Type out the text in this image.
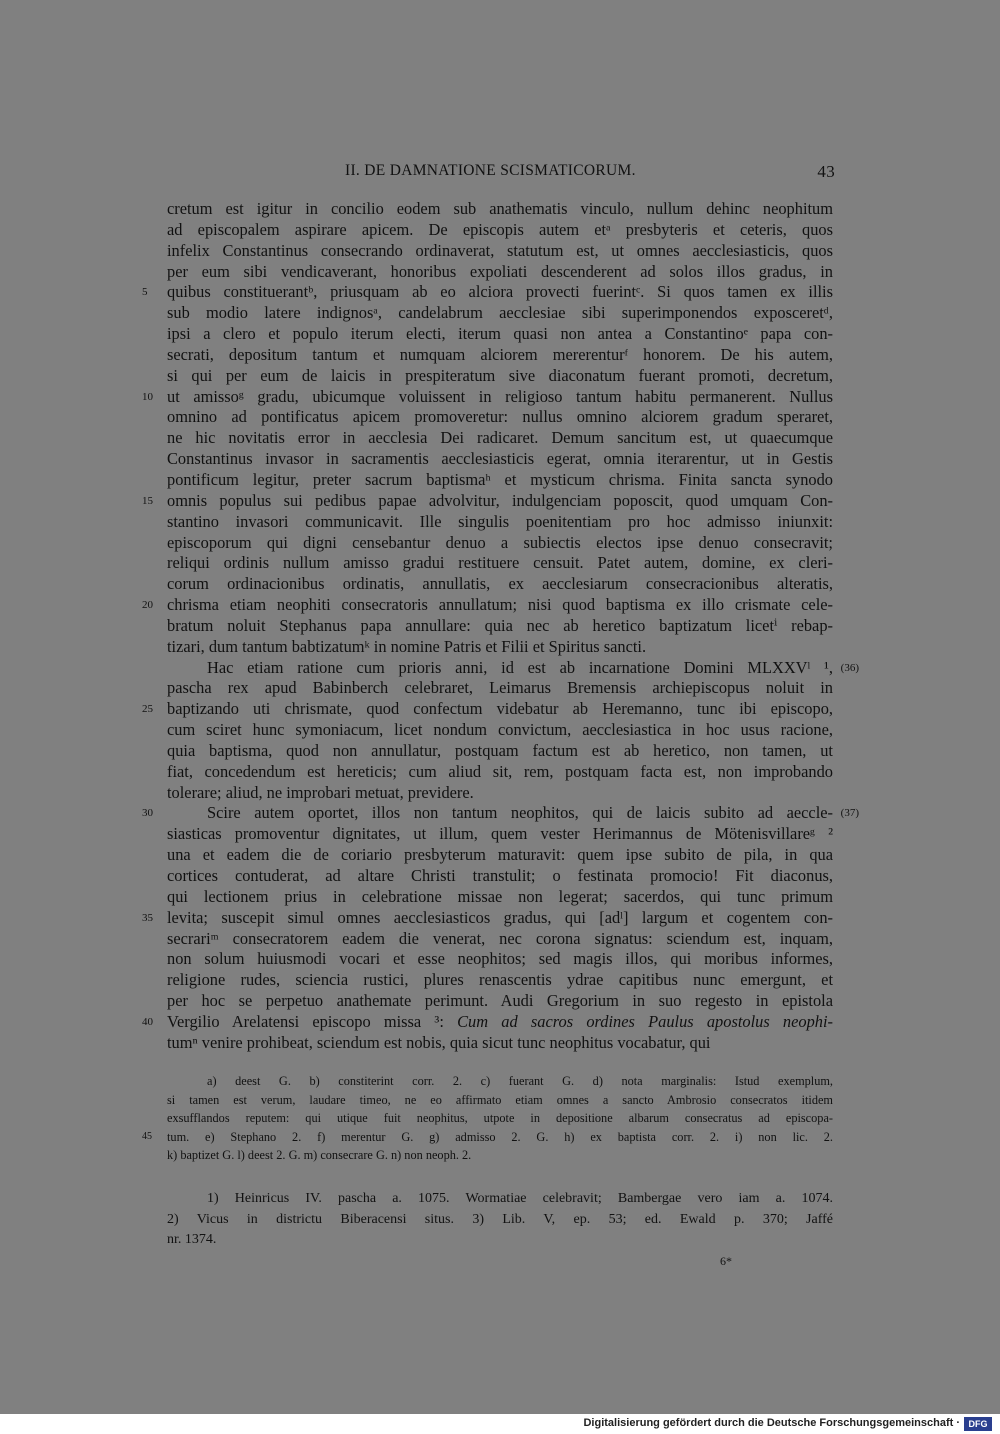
II. DE DAMNATIONE SCISMATICORUM.	43
cretum est igitur in concilio eodem sub anathematis vinculo, nullum dehinc neophitum
ad episcopalem aspirare apicem. De episcopis autem etᵃ presbyteris et ceteris, quos
infelix Constantinus consecrando ordinaverat, statutum est, ut omnes aecclesiasticis, quos
per eum sibi vendicaverant, honoribus expoliati descenderent ad solos illos gradus, in
5	quibus constituerantᵇ, priusquam ab eo alciora provecti fuerintᶜ. Si quos tamen ex illis
sub modio latere indignosᵃ, candelabrum aecclesiae sibi superimponendos exposceretᵈ,
ipsi a clero et populo iterum electi, iterum quasi non antea a Constantinoᵉ papa con-
secrati, depositum tantum et numquam alciorem mererenturᶠ honorem. De his autem,
si qui per eum de laicis in prespiteratum sive diaconatum fuerant promoti, decretum,
10 ut amissoᵍ gradu, ubicumque voluissent in religioso tantum habitu permanerent. Nullus
omnino ad pontificatus apicem promoveretur: nullus omnino alciorem gradum speraret,
ne hic novitatis error in aecclesia Dei radicaret. Demum sancitum est, ut quaecumque
Constantinus invasor in sacramentis aecclesiasticis egerat, omnia iterarentur, ut in Gestis
pontificum legitur, preter sacrum baptismaʰ et mysticum chrisma. Finita sancta synodo
15 omnis populus sui pedibus papae advolvitur, indulgenciam poposcit, quod umquam Con-
stantino invasori communicavit. Ille singulis poenitentiam pro hoc admisso iniunxit:
episcoporum qui digni censebantur denuo a subiectis electos ipse denuo consecravit;
reliqui ordinis nullum amisso gradui restituere censuit. Patet autem, domine, ex cleri-
corum ordinacionibus ordinatis, annullatis, ex aecclesiarum consecracionibus alteratis,
20 chrisma etiam neophiti consecratoris annullatum; nisi quod baptisma ex illo crismate cele-
bratum noluit Stephanus papa annullare: quia nec ab heretico baptizatum licetⁱ rebap-
tizari, dum tantum babtizatumᵏ in nomine Patris et Filii et Spiritus sancti.
Hac etiam ratione cum prioris anni, id est ab incarnatione Domini MLXXVˡ ¹, (36)
pascha rex apud Babinberch celebraret, Leimarus Bremensis archiepiscopus noluit in
25 baptizando uti chrismate, quod confectum videbatur ab Heremanno, tunc ibi episcopo,
cum sciret hunc symoniacum, licet nondum convictum, aecclesiastica in hoc usus racione,
quia baptisma, quod non annullatur, postquam factum est ab heretico, non tamen, ut
fiat, concedendum est hereticis; cum aliud sit, rem, postquam facta est, non improbando
tolerare; aliud, ne improbari metuat, previdere.
30	Scire autem oportet, illos non tantum neophitos, qui de laicis subito ad aeccle- (37)
siasticas promoventur dignitates, ut illum, quem vester Herimannus de Mötenisvillareᵍ ²
una et eadem die de coriario presbyterum maturavit: quem ipse subito de pila, in qua
cortices contuderat, ad altare Christi transtulit; o festinata promocio! Fit diaconus,
qui lectionem prius in celebratione missae non legerat; sacerdos, qui tunc primum
35 levita; suscepit simul omnes aecclesiasticos gradus, qui [adˡ] largum et cogentem con-
secrariᵐ consecratorem eadem die venerat, nec corona signatus: sciendum est, inquam,
non solum huiusmodi vocari et esse neophitos; sed magis illos, qui moribus informes,
religione rudes, sciencia rustici, plures renascentis ydrae capitibus nunc emergunt, et
per hoc se perpetuo anathemate perimunt. Audi Gregorium in suo regesto in epistola
40 Vergilio Arelatensi episcopo missa ³: Cum ad sacros ordines Paulus apostolus neophi-
tumⁿ venire prohibeat, sciendum est nobis, quia sicut tunc neophitus vocabatur, qui
a) deest G. b) constiterint corr. 2. c) fuerant G. d) nota marginalis: Istud exemplum,
si tamen est verum, laudare timeo, ne eo affirmato etiam omnes a sancto Ambrosio consecratos itidem
exsufflandos reputem: qui utique fuit neophitus, utpote in depositione albarum consecratus ad episcopa-
45	tum. e) Stephano 2. f) merentur G. g) admisso 2. G. h) ex baptista corr. 2. i) non lic. 2.
k) baptizet G. l) deest 2. G. m) consecrare G. n) non neoph. 2.
1) Heinricus IV. pascha a. 1075. Wormatiae celebravit; Bambergae vero iam a. 1074.
2) Vicus in districtu Biberacensi situs. 3) Lib. V, ep. 53; ed. Ewald p. 370; Jaffé
nr. 1374.
6*
Digitalisierung gefördert durch die Deutsche Forschungsgemeinschaft · DFG
